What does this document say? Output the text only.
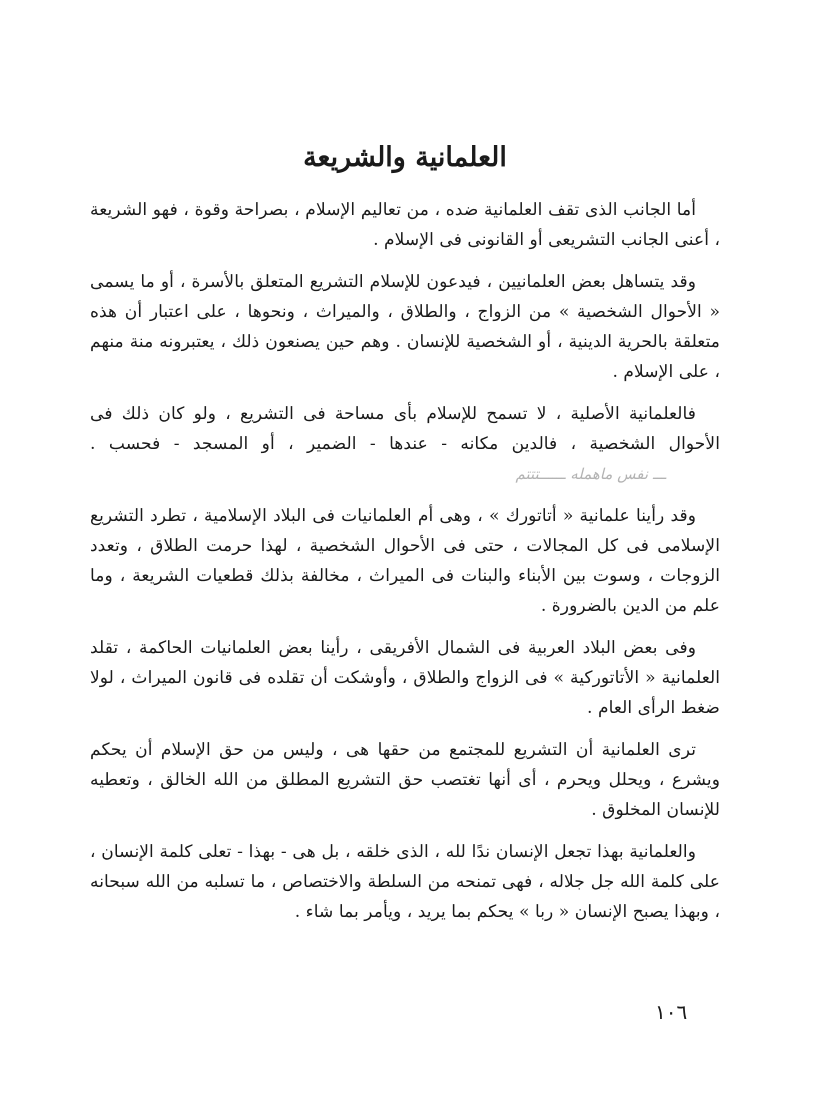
العلمانية والشريعة

أما الجانب الذى تقف العلمانية ضده ، من تعاليم الإسلام ، بصراحة وقوة ، فهو الشريعة ، أعنى الجانب التشريعى أو القانونى فى الإسلام .

وقد يتساهل بعض العلمانيين ، فيدعون للإسلام التشريع المتعلق بالأسرة ، أو ما يسمى « الأحوال الشخصية » من الزواج ، والطلاق ، والميراث ، ونحوها ، على اعتبار أن هذه متعلقة بالحرية الدينية ، أو الشخصية للإنسان . وهم حين يصنعون ذلك ، يعتبرونه منة منهم ، على الإسلام .

فالعلمانية الأصلية ، لا تسمح للإسلام بأى مساحة فى التشريع ، ولو كان ذلك فى الأحوال الشخصية ، فالدين مكانه - عندها - الضمير ، أو المسجد - فحسب .ـــ نفس ماهمله ــــــتتتم

وقد رأينا علمانية « أتاتورك » ، وهى أم العلمانيات فى البلاد الإسلامية ، تطرد التشريع الإسلامى فى كل المجالات ، حتى فى الأحوال الشخصية ، لهذا حرمت الطلاق ، وتعدد الزوجات ، وسوت بين الأبناء والبنات فى الميراث ، مخالفة بذلك قطعيات الشريعة ، وما علم من الدين بالضرورة .

وفى بعض البلاد العربية فى الشمال الأفريقى ، رأينا بعض العلمانيات الحاكمة ، تقلد العلمانية « الأتاتوركية » فى الزواج والطلاق ، وأوشكت أن تقلده فى قانون الميراث ، لولا ضغط الرأى العام .

ترى العلمانية أن التشريع للمجتمع من حقها هى ، وليس من حق الإسلام أن يحكم ويشرع ، ويحلل ويحرم ، أى أنها تغتصب حق التشريع المطلق من الله الخالق ، وتعطيه للإنسان المخلوق .

والعلمانية بهذا تجعل الإنسان ندًا لله ، الذى خلقه ، بل هى - بهذا - تعلى كلمة الإنسان ، على كلمة الله جل جلاله ، فهى تمنحه من السلطة والاختصاص ، ما تسلبه من الله سبحانه ، وبهذا يصبح الإنسان « ربا » يحكم بما يريد ، ويأمر بما شاء .

١٠٦
